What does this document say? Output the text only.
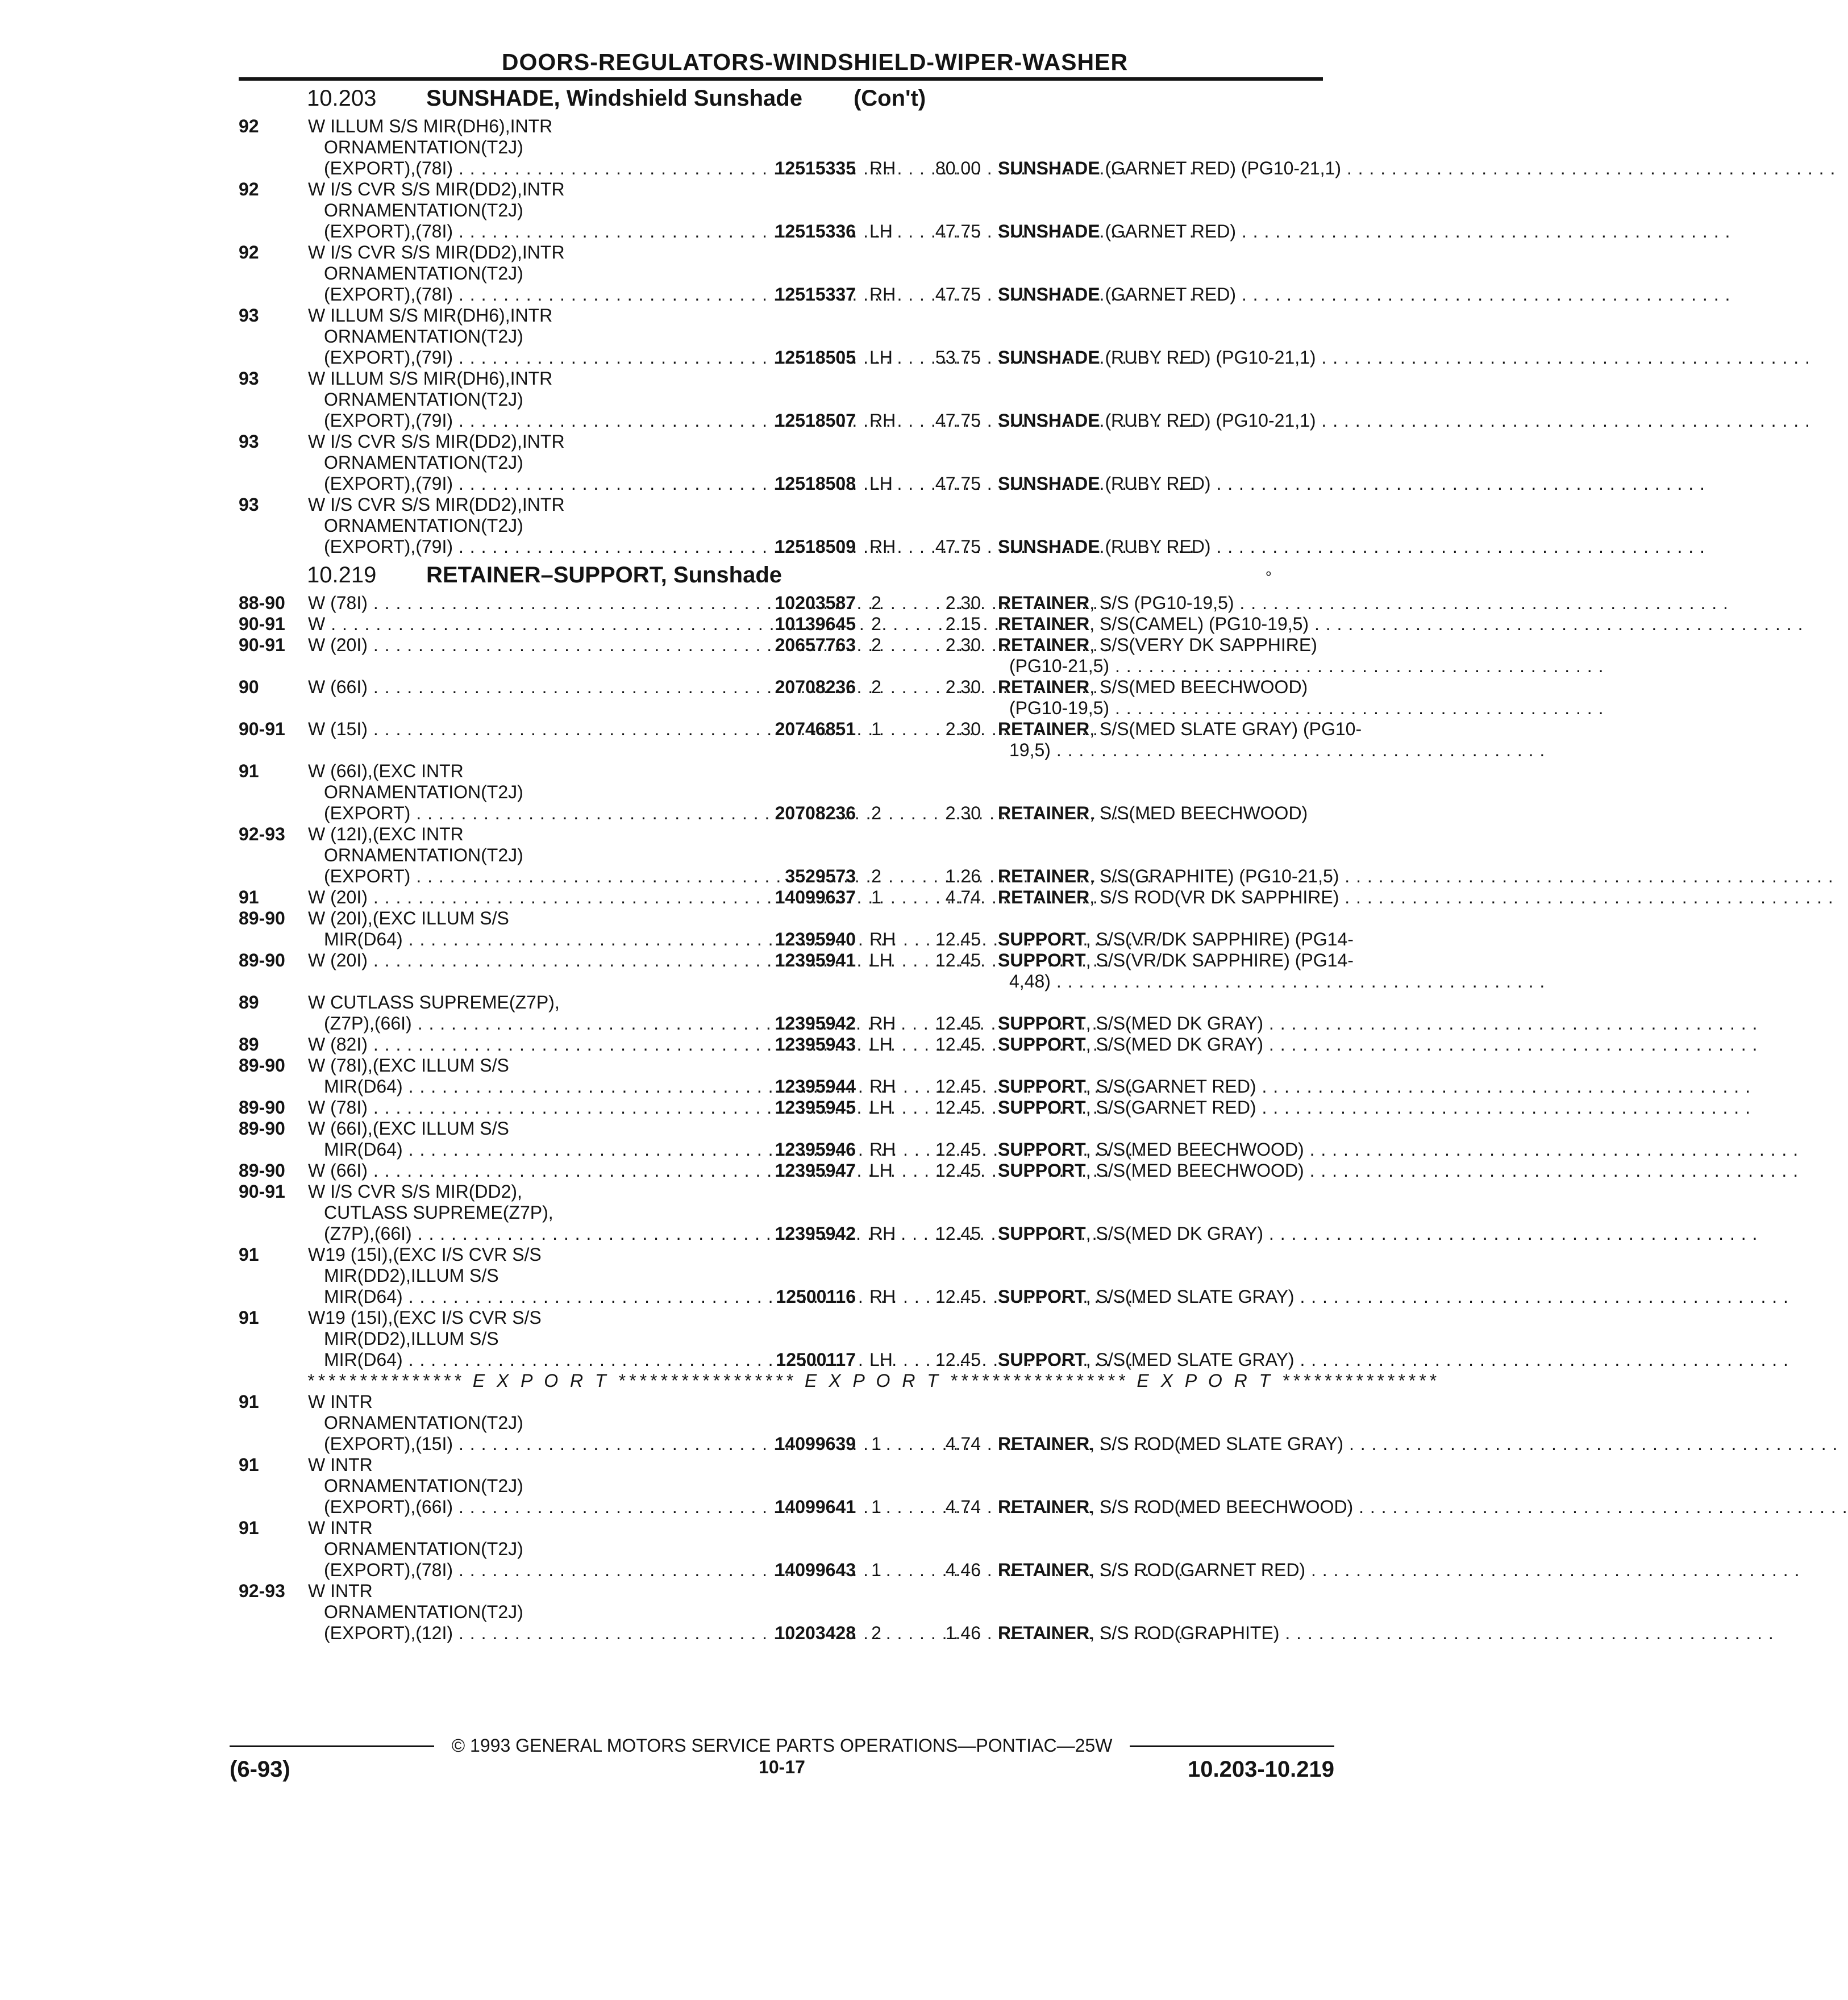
DOORS-REGULATORS-WINDSHIELD-WIPER-WASHER
10.203	SUNSHADE, Windshield Sunshade (Con't)
92	W ILLUM S/S MIR(DH6),INTR
ORNAMENTATION(T2J)
(EXPORT),(78I) . . .	12515335 RH	80.00 SUNSHADE (GARNET RED) (PG10-21,1) . . .
92	W I/S CVR S/S MIR(DD2),INTR
ORNAMENTATION(T2J)
(EXPORT),(78I) . . .	12515336 LH	47.75 SUNSHADE (GARNET RED) . . .
92	W I/S CVR S/S MIR(DD2),INTR
ORNAMENTATION(T2J)
(EXPORT),(78I) . . .	12515337 RH	47.75 SUNSHADE (GARNET RED) . . .
93	W ILLUM S/S MIR(DH6),INTR
ORNAMENTATION(T2J)
(EXPORT),(79I) . . .	12518505 LH	53.75 SUNSHADE (RUBY RED) (PG10-21,1) . . .
93	W ILLUM S/S MIR(DH6),INTR
ORNAMENTATION(T2J)
(EXPORT),(79I) . . .	12518507 RH	47.75 SUNSHADE (RUBY RED) (PG10-21,1) . . .
93	W I/S CVR S/S MIR(DD2),INTR
ORNAMENTATION(T2J)
(EXPORT),(79I) . . .	12518508 LH	47.75 SUNSHADE (RUBY RED) . . .
93	W I/S CVR S/S MIR(DD2),INTR
ORNAMENTATION(T2J)
(EXPORT),(79I) . . .	12518509 RH	47.75 SUNSHADE (RUBY RED) . . .
10.219	RETAINER–SUPPORT, Sunshade	°
88-90	W (78I) . . .	10203587 2	2.30 RETAINER, S/S (PG10-19,5) . . .
90-91	W . . .	10139645 2	2.15 RETAINER, S/S(CAMEL) (PG10-19,5) . . .
90-91	W (20I) . . .	20657763 2	2.30 RETAINER, S/S(VERY DK SAPPHIRE)
(PG10-21,5) . . .
90	W (66I) . . .	20708236 2	2.30 RETAINER, S/S(MED BEECHWOOD)
(PG10-19,5) . . .
90-91	W (15I) . . .	20746851 1	2.30 RETAINER, S/S(MED SLATE GRAY) (PG10-
19,5) . . .
91	W (66I),(EXC INTR
ORNAMENTATION(T2J)
(EXPORT) . . .	20708236 2	2.30 RETAINER, S/S(MED BEECHWOOD)
92-93	W (12I),(EXC INTR
ORNAMENTATION(T2J)
(EXPORT) . . .	3529573 2	1.26 RETAINER, S/S(GRAPHITE) (PG10-21,5) . . .
91	W (20I) . . .	14099637 1	4.74 RETAINER, S/S ROD(VR DK SAPPHIRE) . . .
89-90	W (20I),(EXC ILLUM S/S
MIR(D64) . . .	12395940 RH	12.45 SUPPORT, S/S(VR/DK SAPPHIRE) (PG14-
89-90	W (20I) . . .	12395941 LH	12.45 SUPPORT, S/S(VR/DK SAPPHIRE) (PG14-
4,48) . . .
89	W CUTLASS SUPREME(Z7P),
(Z7P),(66I) . . .	12395942 RH	12.45 SUPPORT, S/S(MED DK GRAY) . . .
89	W (82I) . . .	12395943 LH	12.45 SUPPORT, S/S(MED DK GRAY) . . .
89-90	W (78I),(EXC ILLUM S/S
MIR(D64) . . .	12395944 RH	12.45 SUPPORT, S/S(GARNET RED) . . .
89-90	W (78I) . . .	12395945 LH	12.45 SUPPORT, S/S(GARNET RED) . . .
89-90	W (66I),(EXC ILLUM S/S
MIR(D64) . . .	12395946 RH	12.45 SUPPORT, S/S(MED BEECHWOOD) . . .
89-90	W (66I) . . .	12395947 LH	12.45 SUPPORT, S/S(MED BEECHWOOD) . . .
90-91	W I/S CVR S/S MIR(DD2),
CUTLASS SUPREME(Z7P),
(Z7P),(66I) . . .	12395942 RH	12.45 SUPPORT, S/S(MED DK GRAY) . . .
91	W19 (15I),(EXC I/S CVR S/S
MIR(DD2),ILLUM S/S
MIR(D64) . . .	12500116 RH	12.45 SUPPORT, S/S(MED SLATE GRAY) . . .
91	W19 (15I),(EXC I/S CVR S/S
MIR(DD2),ILLUM S/S
MIR(D64) . . .	12500117 LH	12.45 SUPPORT, S/S(MED SLATE GRAY) . . .
*************** E X P O R T ***************** E X P O R T ***************** E X P O R T ***************
91	W INTR
ORNAMENTATION(T2J)
(EXPORT),(15I) . . .	14099639 1	4.74 RETAINER, S/S ROD(MED SLATE GRAY) . . .
91	W INTR
ORNAMENTATION(T2J)
(EXPORT),(66I) . . .	14099641 1	4.74 RETAINER, S/S ROD(MED BEECHWOOD) . . .
91	W INTR
ORNAMENTATION(T2J)
(EXPORT),(78I) . . .	14099643 1	4.46 RETAINER, S/S ROD(GARNET RED) . . .
92-93	W INTR
ORNAMENTATION(T2J)
(EXPORT),(12I) . . .	10203428 2	1.46 RETAINER, S/S ROD(GRAPHITE) . . .
© 1993 GENERAL MOTORS SERVICE PARTS OPERATIONS—PONTIAC—25W
(6-93)	10-17	10.203-10.219
